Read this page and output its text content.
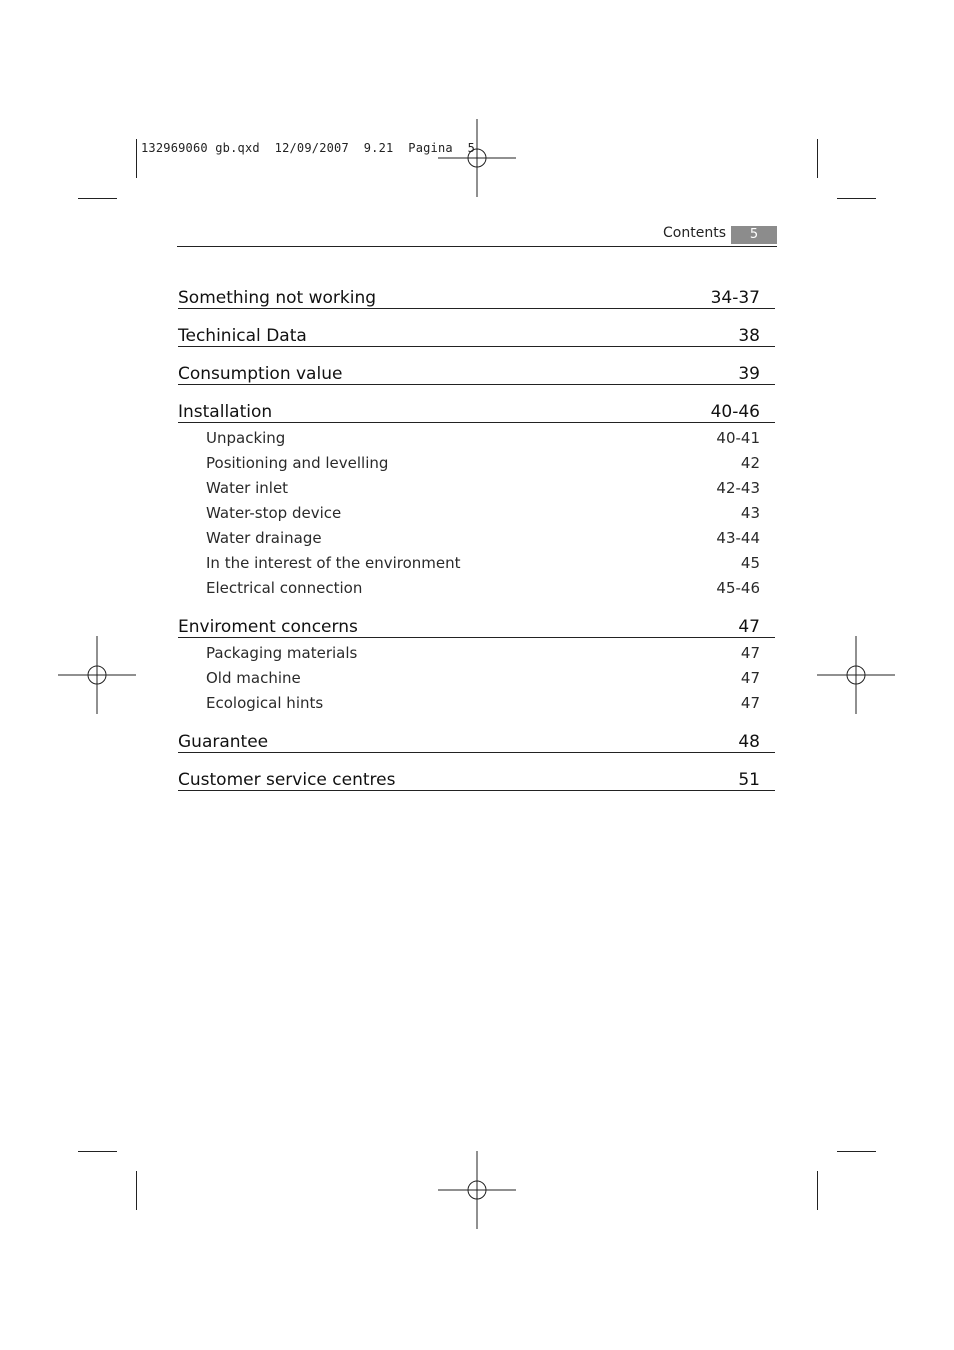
132969060 gb.qxd  12/09/2007  9.21  Pagina  5
Contents	5
Something not working	34-37
Techinical Data	38
Consumption value	39
Installation	40-46
Unpacking	40-41
Positioning and levelling	42
Water inlet	42-43
Water-stop device	43
Water drainage	43-44
In the interest of the environment	45
Electrical connection	45-46
Enviroment concerns	47
Packaging materials	47
Old machine	47
Ecological hints	47
Guarantee	48
Customer service centres	51
